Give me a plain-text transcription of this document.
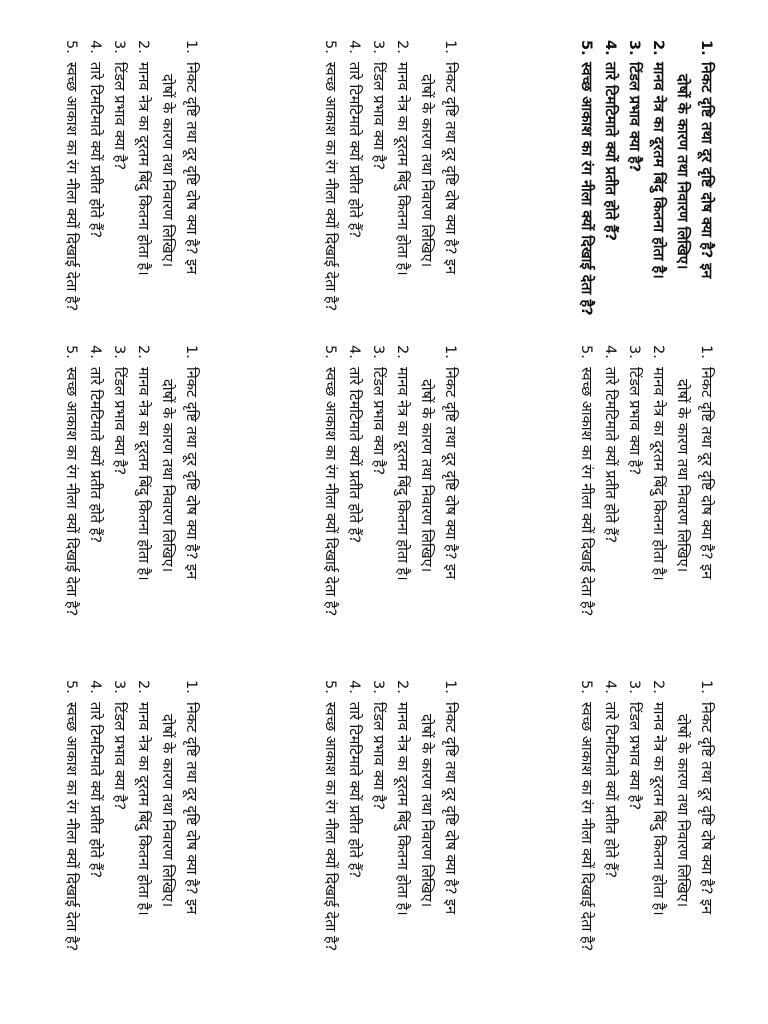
1.
निकट दृष्टि तथा दूर दृष्टि दोष क्या है? इन
दोषों के कारण तथा निवारण लिखिए।
2.
मानव नेत्र का दूरतम बिंदु कितना होता है।
3.
टिंडल प्रभाव क्या है?
4.
तारे टिमटिमाते क्यों प्रतीत होते हैं?
5.
स्वच्छ आकाश का रंग नीला क्यों दिखाई देता है?
1.
निकट दृष्टि तथा दूर दृष्टि दोष क्या है? इन
दोषों के कारण तथा निवारण लिखिए।
2.
मानव नेत्र का दूरतम बिंदु कितना होता है।
3.
टिंडल प्रभाव क्या है?
4.
तारे टिमटिमाते क्यों प्रतीत होते हैं?
5.
स्वच्छ आकाश का रंग नीला क्यों दिखाई देता है?
1.
निकट दृष्टि तथा दूर दृष्टि दोष क्या है? इन
दोषों के कारण तथा निवारण लिखिए।
2.
मानव नेत्र का दूरतम बिंदु कितना होता है।
3.
टिंडल प्रभाव क्या है?
4.
तारे टिमटिमाते क्यों प्रतीत होते हैं?
5.
स्वच्छ आकाश का रंग नीला क्यों दिखाई देता है?
1.
निकट दृष्टि तथा दूर दृष्टि दोष क्या है? इन
दोषों के कारण तथा निवारण लिखिए।
2.
मानव नेत्र का दूरतम बिंदु कितना होता है।
3.
टिंडल प्रभाव क्या है?
4.
तारे टिमटिमाते क्यों प्रतीत होते हैं?
5.
स्वच्छ आकाश का रंग नीला क्यों दिखाई देता है?
1.
निकट दृष्टि तथा दूर दृष्टि दोष क्या है? इन
दोषों के कारण तथा निवारण लिखिए।
2.
मानव नेत्र का दूरतम बिंदु कितना होता है।
3.
टिंडल प्रभाव क्या है?
4.
तारे टिमटिमाते क्यों प्रतीत होते हैं?
5.
स्वच्छ आकाश का रंग नीला क्यों दिखाई देता है?
1.
निकट दृष्टि तथा दूर दृष्टि दोष क्या है? इन
दोषों के कारण तथा निवारण लिखिए।
2.
मानव नेत्र का दूरतम बिंदु कितना होता है।
3.
टिंडल प्रभाव क्या है?
4.
तारे टिमटिमाते क्यों प्रतीत होते हैं?
5.
स्वच्छ आकाश का रंग नीला क्यों दिखाई देता है?
1.
निकट दृष्टि तथा दूर दृष्टि दोष क्या है? इन
दोषों के कारण तथा निवारण लिखिए।
2.
मानव नेत्र का दूरतम बिंदु कितना होता है।
3.
टिंडल प्रभाव क्या है?
4.
तारे टिमटिमाते क्यों प्रतीत होते हैं?
5.
स्वच्छ आकाश का रंग नीला क्यों दिखाई देता है?
1.
निकट दृष्टि तथा दूर दृष्टि दोष क्या है? इन
दोषों के कारण तथा निवारण लिखिए।
2.
मानव नेत्र का दूरतम बिंदु कितना होता है।
3.
टिंडल प्रभाव क्या है?
4.
तारे टिमटिमाते क्यों प्रतीत होते हैं?
5.
स्वच्छ आकाश का रंग नीला क्यों दिखाई देता है?
1.
निकट दृष्टि तथा दूर दृष्टि दोष क्या है? इन
दोषों के कारण तथा निवारण लिखिए।
2.
मानव नेत्र का दूरतम बिंदु कितना होता है।
3.
टिंडल प्रभाव क्या है?
4.
तारे टिमटिमाते क्यों प्रतीत होते हैं?
5.
स्वच्छ आकाश का रंग नीला क्यों दिखाई देता है?
